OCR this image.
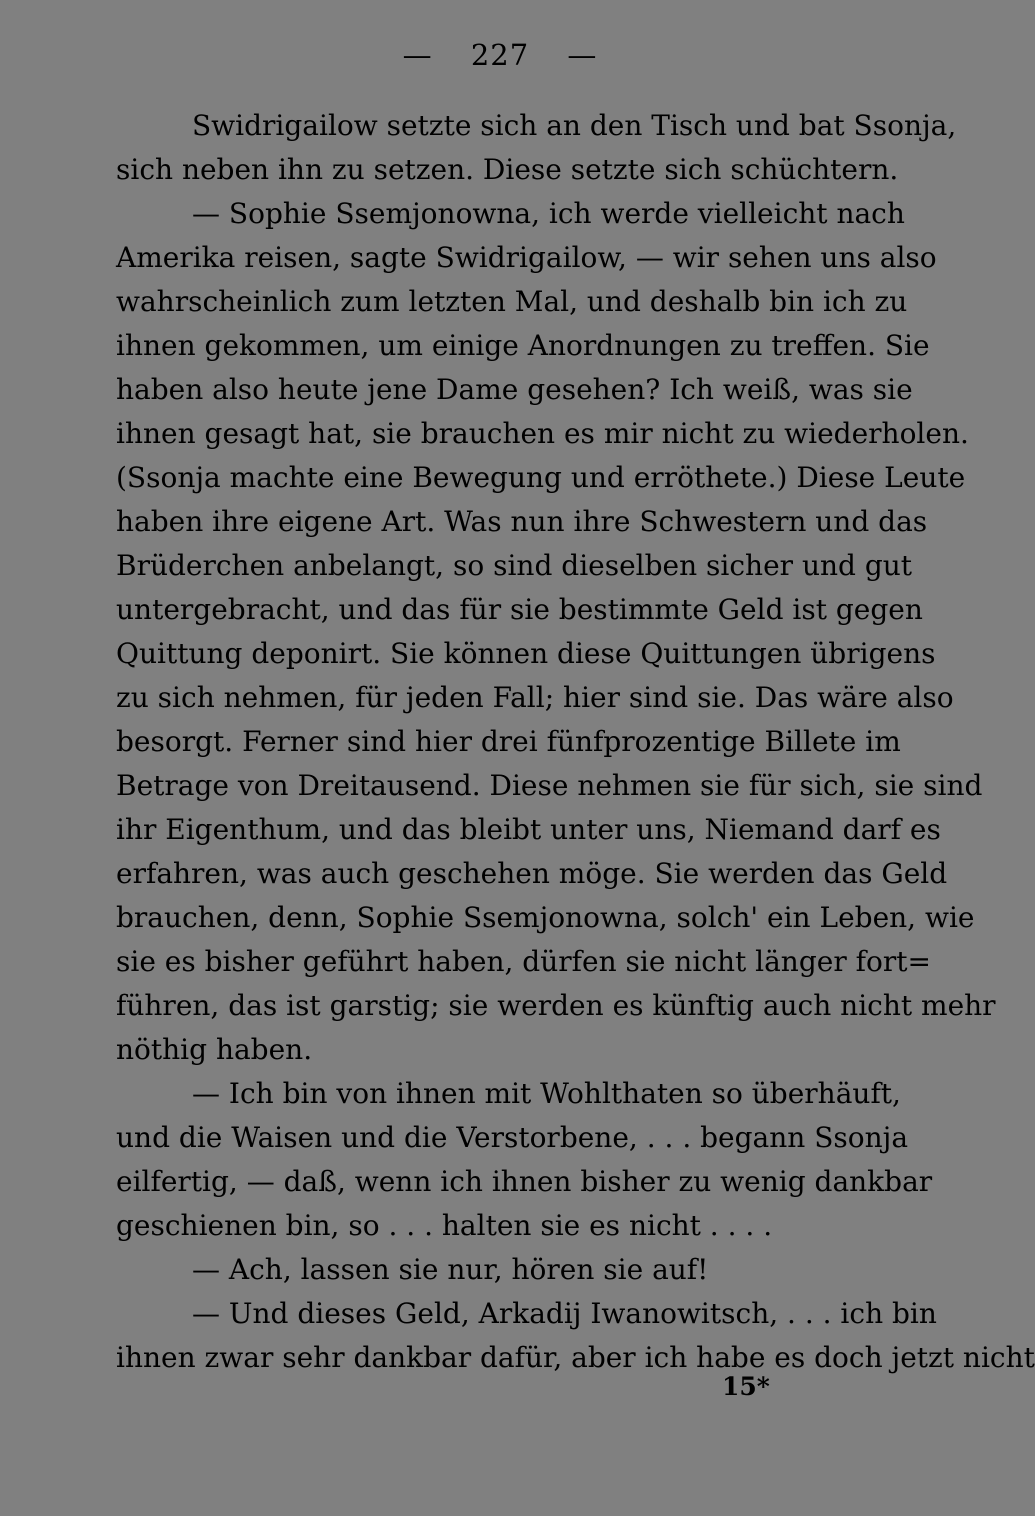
— 227 —
Swidrigailow setzte sich an den Tisch und bat Ssonja,
sich neben ihn zu setzen. Diese setzte sich schüchtern.
— Sophie Ssemjonowna, ich werde vielleicht nach
Amerika reisen, sagte Swidrigailow, — wir sehen uns also
wahrscheinlich zum letzten Mal, und deshalb bin ich zu
ihnen gekommen, um einige Anordnungen zu treffen. Sie
haben also heute jene Dame gesehen? Ich weiß, was sie
ihnen gesagt hat, sie brauchen es mir nicht zu wiederholen.
(Ssonja machte eine Bewegung und erröthete.) Diese Leute
haben ihre eigene Art. Was nun ihre Schwestern und das
Brüderchen anbelangt, so sind dieselben sicher und gut
untergebracht, und das für sie bestimmte Geld ist gegen
Quittung deponirt. Sie können diese Quittungen übrigens
zu sich nehmen, für jeden Fall; hier sind sie. Das wäre also
besorgt. Ferner sind hier drei fünfprozentige Billete im
Betrage von Dreitausend. Diese nehmen sie für sich, sie sind
ihr Eigenthum, und das bleibt unter uns, Niemand darf es
erfahren, was auch geschehen möge. Sie werden das Geld
brauchen, denn, Sophie Ssemjonowna, solch' ein Leben, wie
sie es bisher geführt haben, dürfen sie nicht länger fort=
führen, das ist garstig; sie werden es künftig auch nicht mehr
nöthig haben.
— Ich bin von ihnen mit Wohlthaten so überhäuft,
und die Waisen und die Verstorbene, . . . begann Ssonja
eilfertig, — daß, wenn ich ihnen bisher zu wenig dankbar
geschienen bin, so . . . halten sie es nicht . . . .
— Ach, lassen sie nur, hören sie auf!
— Und dieses Geld, Arkadij Iwanowitsch, . . . ich bin
ihnen zwar sehr dankbar dafür, aber ich habe es doch jetzt nicht
15*
